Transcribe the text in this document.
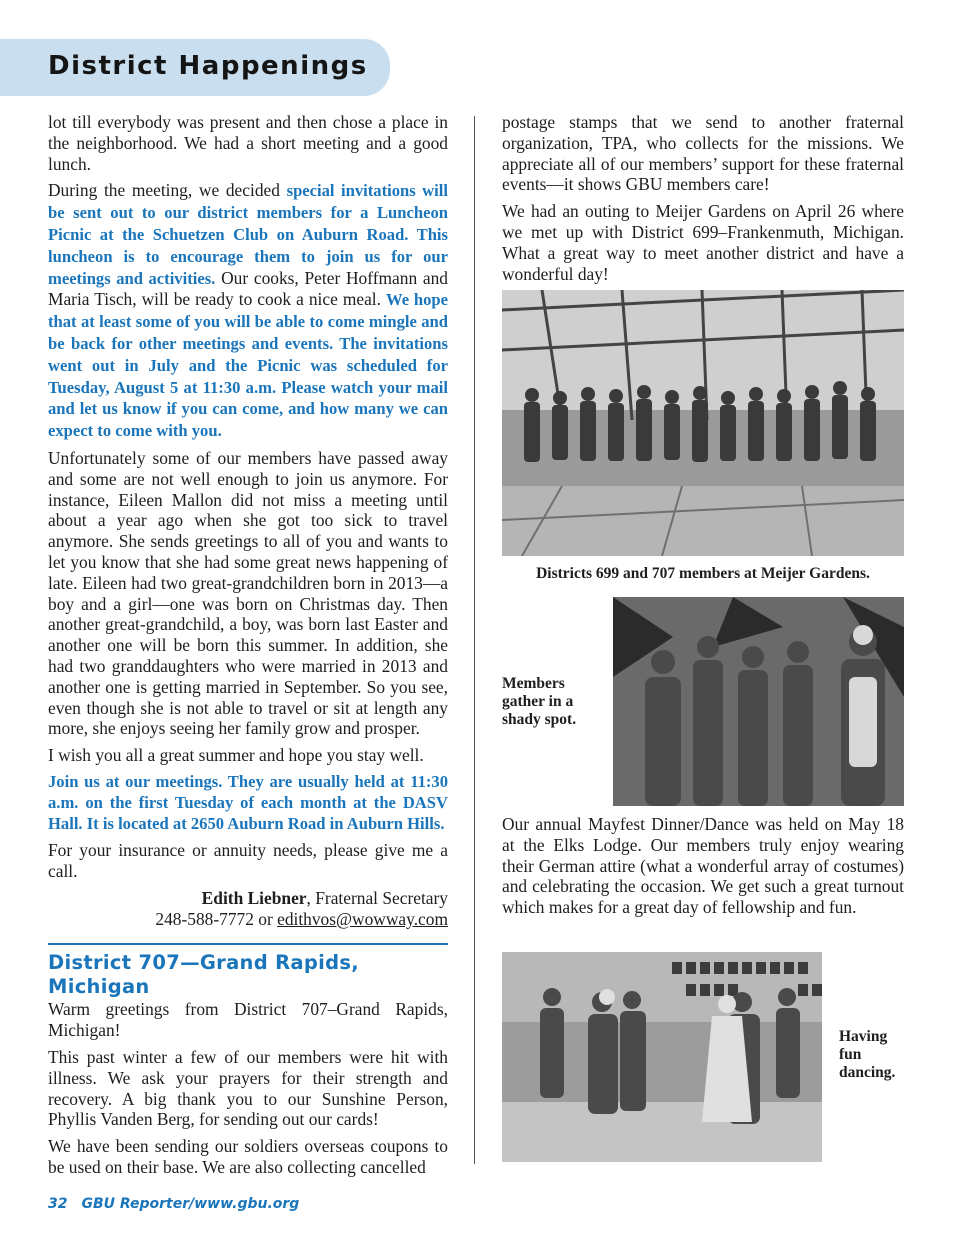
District Happenings

lot till everybody was present and then chose a place in the neighborhood. We had a short meeting and a good lunch.

During the meeting, we decided special invitations will be sent out to our district members for a Luncheon Picnic at the Schuetzen Club on Auburn Road. This luncheon is to encourage them to join us for our meetings and activities. Our cooks, Peter Hoffmann and Maria Tisch, will be ready to cook a nice meal. We hope that at least some of you will be able to come mingle and be back for other meetings and events. The invitations went out in July and the Picnic was scheduled for Tuesday, August 5 at 11:30 a.m. Please watch your mail and let us know if you can come, and how many we can expect to come with you.

Unfortunately some of our members have passed away and some are not well enough to join us anymore. For instance, Eileen Mallon did not miss a meeting until about a year ago when she got too sick to travel anymore. She sends greetings to all of you and wants to let you know that she had some great news happening of late. Eileen had two great-grandchildren born in 2013—a boy and a girl—one was born on Christmas day. Then another great-grandchild, a boy, was born last Easter and another one will be born this summer. In addition, she had two granddaughters who were married in 2013 and another one is getting married in September. So you see, even though she is not able to travel or sit at length any more, she enjoys seeing her family grow and prosper.

I wish you all a great summer and hope you stay well.

Join us at our meetings. They are usually held at 11:30 a.m. on the first Tuesday of each month at the DASV Hall. It is located at 2650 Auburn Road in Auburn Hills.

For your insurance or annuity needs, please give me a call.

Edith Liebner, Fraternal Secretary

248-588-7772 or edithvos@wowway.com

District 707—Grand Rapids, Michigan

Warm greetings from District 707–Grand Rapids, Michigan!

This past winter a few of our members were hit with illness. We ask your prayers for their strength and recovery. A big thank you to our Sunshine Person, Phyllis Vanden Berg, for sending out our cards!

We have been sending our soldiers overseas coupons to be used on their base. We are also collecting cancelled

postage stamps that we send to another fraternal organization, TPA, who collects for the missions. We appreciate all of our members’ support for these fraternal events—it shows GBU members care!

We had an outing to Meijer Gardens on April 26 where we met up with District 699–Frankenmuth, Michigan. What a great way to meet another district and have a wonderful day!

Districts 699 and 707 members at Meijer Gardens.
Members gather in a shady spot.

Our annual Mayfest Dinner/Dance was held on May 18 at the Elks Lodge. Our members truly enjoy wearing their German attire (what a wonderful array of costumes) and celebrating the occasion. We get such a great turnout which makes for a great day of fellowship and fun.

Having fun dancing.
32 GBU Reporter/www.gbu.org
